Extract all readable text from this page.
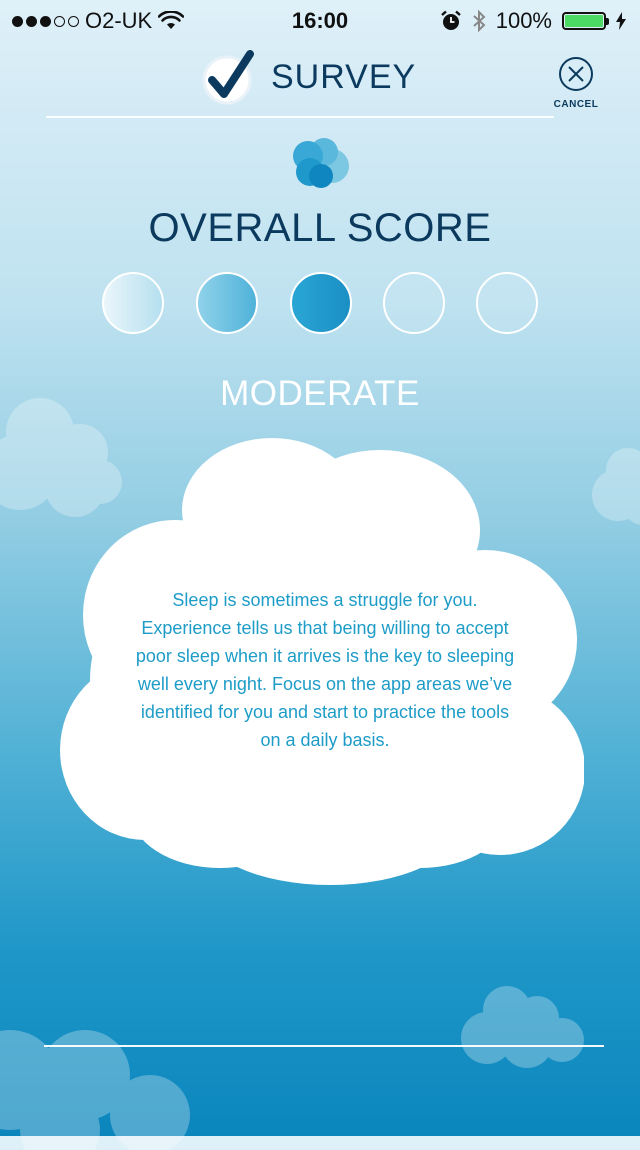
O2-UK	16:00	100%
SURVEY
CANCEL
OVERALL SCORE
MODERATE
Sleep is sometimes a struggle for you. Experience tells us that being willing to accept poor sleep when it arrives is the key to sleeping well every night. Focus on the app areas we’ve identified for you and start to practice the tools on a daily basis.
